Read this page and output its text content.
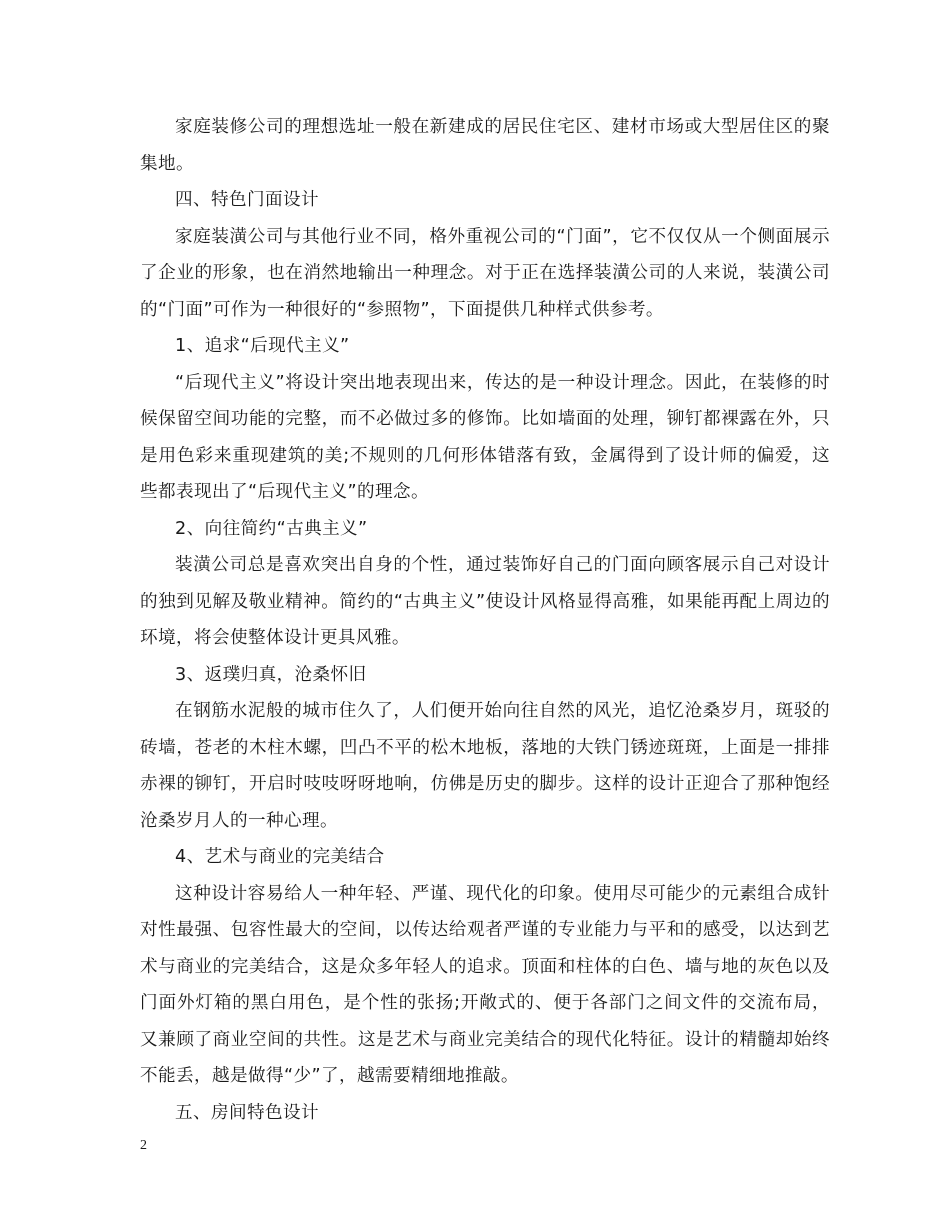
家庭装修公司的理想选址一般在新建成的居民住宅区、建材市场或大型居住区的聚集地。

四、特色门面设计

家庭装潢公司与其他行业不同，格外重视公司的“门面”，它不仅仅从一个侧面展示了企业的形象，也在消然地输出一种理念。对于正在选择装潢公司的人来说，装潢公司的“门面”可作为一种很好的“参照物”，下面提供几种样式供参考。

1、追求“后现代主义”

“后现代主义”将设计突出地表现出来，传达的是一种设计理念。因此，在装修的时候保留空间功能的完整，而不必做过多的修饰。比如墙面的处理，铆钉都裸露在外，只是用色彩来重现建筑的美;不规则的几何形体错落有致，金属得到了设计师的偏爱，这些都表现出了“后现代主义”的理念。

2、向往简约“古典主义”

装潢公司总是喜欢突出自身的个性，通过装饰好自己的门面向顾客展示自己对设计的独到见解及敬业精神。简约的“古典主义”使设计风格显得高雅，如果能再配上周边的环境，将会使整体设计更具风雅。

3、返璞归真，沧桑怀旧

在钢筋水泥般的城市住久了，人们便开始向往自然的风光，追忆沧桑岁月，斑驳的砖墙，苍老的木柱木螺，凹凸不平的松木地板，落地的大铁门锈迹斑斑，上面是一排排赤裸的铆钉，开启时吱吱呀呀地响，仿佛是历史的脚步。这样的设计正迎合了那种饱经沧桑岁月人的一种心理。

4、艺术与商业的完美结合

这种设计容易给人一种年轻、严谨、现代化的印象。使用尽可能少的元素组合成针对性最强、包容性最大的空间，以传达给观者严谨的专业能力与平和的感受，以达到艺术与商业的完美结合，这是众多年轻人的追求。顶面和柱体的白色、墙与地的灰色以及门面外灯箱的黑白用色，是个性的张扬;开敞式的、便于各部门之间文件的交流布局，又兼顾了商业空间的共性。这是艺术与商业完美结合的现代化特征。设计的精髓却始终不能丢，越是做得“少”了，越需要精细地推敲。

五、房间特色设计

2
